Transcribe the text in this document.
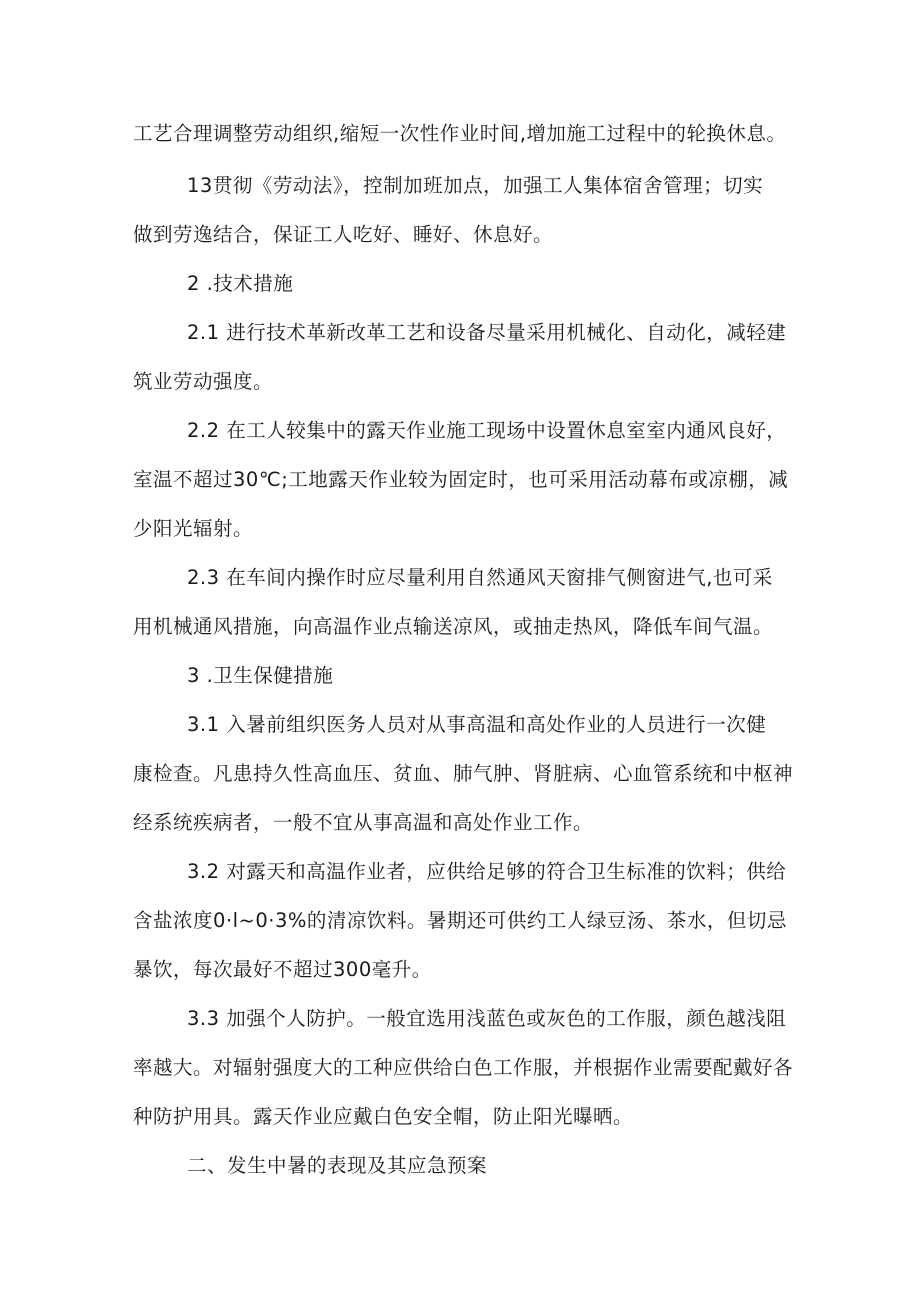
工艺合理调整劳动组织,缩短一次性作业时间,增加施工过程中的轮换休息。
13贯彻《劳动法》，控制加班加点，加强工人集体宿舍管理；切实
做到劳逸结合，保证工人吃好、睡好、休息好。
2 .技术措施
2.1 进行技术革新改革工艺和设备尽量采用机械化、自动化，减轻建
筑业劳动强度。
2.2 在工人较集中的露天作业施工现场中设置休息室室内通风良好，
室温不超过30℃;工地露天作业较为固定时，也可采用活动幕布或凉棚，减
少阳光辐射。
2.3 在车间内操作时应尽量利用自然通风天窗排气侧窗进气,也可采
用机械通风措施，向高温作业点输送凉风，或抽走热风，降低车间气温。
3 .卫生保健措施
3.1 入暑前组织医务人员对从事高温和高处作业的人员进行一次健
康检查。凡患持久性高血压、贫血、肺气肿、肾脏病、心血管系统和中枢神
经系统疾病者，一般不宜从事高温和高处作业工作。
3.2 对露天和高温作业者，应供给足够的符合卫生标准的饮料；供给
含盐浓度0·l~0·3%的清凉饮料。暑期还可供约工人绿豆汤、茶水，但切忌
暴饮，每次最好不超过300毫升。
3.3 加强个人防护。一般宜选用浅蓝色或灰色的工作服，颜色越浅阻
率越大。对辐射强度大的工种应供给白色工作服，并根据作业需要配戴好各
种防护用具。露天作业应戴白色安全帽，防止阳光曝晒。
二、发生中暑的表现及其应急预案
